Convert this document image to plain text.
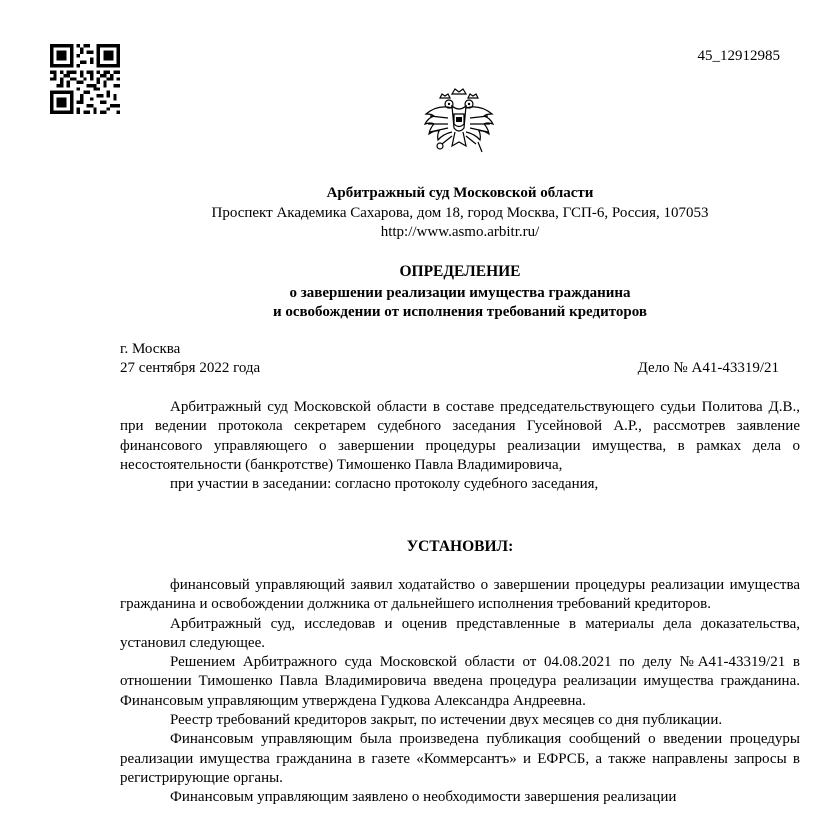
45_12912985
Арбитражный суд Московской области
Проспект Академика Сахарова, дом 18, город Москва, ГСП-6, Россия, 107053
http://www.asmo.arbitr.ru/
ОПРЕДЕЛЕНИЕ
о завершении реализации имущества гражданина
и освобождении от исполнения требований кредиторов
г. Москва
27 сентября 2022 года	Дело № А41-43319/21

Арбитражный суд Московской области в составе председательствующего судьи Политова Д.В., при ведении протокола секретарем судебного заседания Гусейновой А.Р., рассмотрев заявление финансового управляющего о завершении процедуры реализации имущества, в рамках дела о несостоятельности (банкротстве) Тимошенко Павла Владимировича,

при участии в заседании: согласно протоколу судебного заседания,

УСТАНОВИЛ:

финансовый управляющий заявил ходатайство о завершении процедуры реализации имущества гражданина и освобождении должника от дальнейшего исполнения требований кредиторов.

Арбитражный суд, исследовав и оценив представленные в материалы дела доказательства, установил следующее.

Решением Арбитражного суда Московской области от 04.08.2021 по делу №А41-43319/21 в отношении Тимошенко Павла Владимировича введена процедура реализации имущества гражданина. Финансовым управляющим утверждена Гудкова Александра Андреевна.

Реестр требований кредиторов закрыт, по истечении двух месяцев со дня публикации.

Финансовым управляющим была произведена публикация сообщений о введении процедуры реализации имущества гражданина в газете «Коммерсантъ» и ЕФРСБ, а также направлены запросы в регистрирующие органы.

Финансовым управляющим заявлено о необходимости завершения реализации
